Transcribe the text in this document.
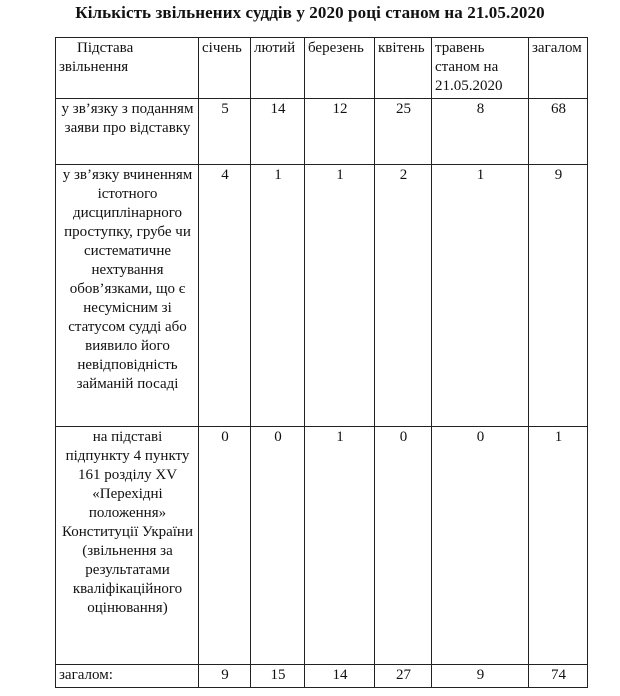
Кількість звільнених суддів у 2020 році станом на 21.05.2020
Підстава звільнення	січень	лютий	березень	квітень	травень станом на 21.05.2020	загалом
у зв’язку з поданням заяви про відставку	5	14	12	25	8	68
у зв’язку вчиненням істотного дисциплінарного проступку, грубе чи систематичне нехтування обов’язками, що є несумісним зі статусом судді або виявило його невідповідність займаній посаді	4	1	1	2	1	9
на підставі підпункту 4 пункту 161 розділу XV «Перехідні положення» Конституції України (звільнення за результатами кваліфікаційного оцінювання)	0	0	1	0	0	1
загалом:	9	15	14	27	9	74
